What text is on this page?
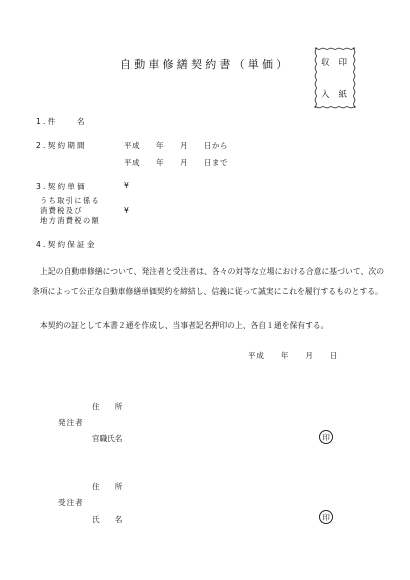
自動車修繕契約書（単価）	収印
入紙
1.件　　名
2.契約期間	平成　　年　　月　　日から
平成　　年　　月　　日まで
3.契約単価	¥
うち取引に係る
消費税及び
地方消費税の額
¥
4.契約保証金
上記の自動車修繕について、発注者と受注者は、各々の対等な立場における合意に基づいて、次の条項によって公正な自動車修繕単価契約を締結し、信義に従って誠実にこれを履行するものとする。
本契約の証として本書２通を作成し、当事者記名押印の上、各自１通を保有する。
平成　　年　　月　　日
住　　所
発注者
官職氏名	印
住　　所
受注者
氏　　名	印
